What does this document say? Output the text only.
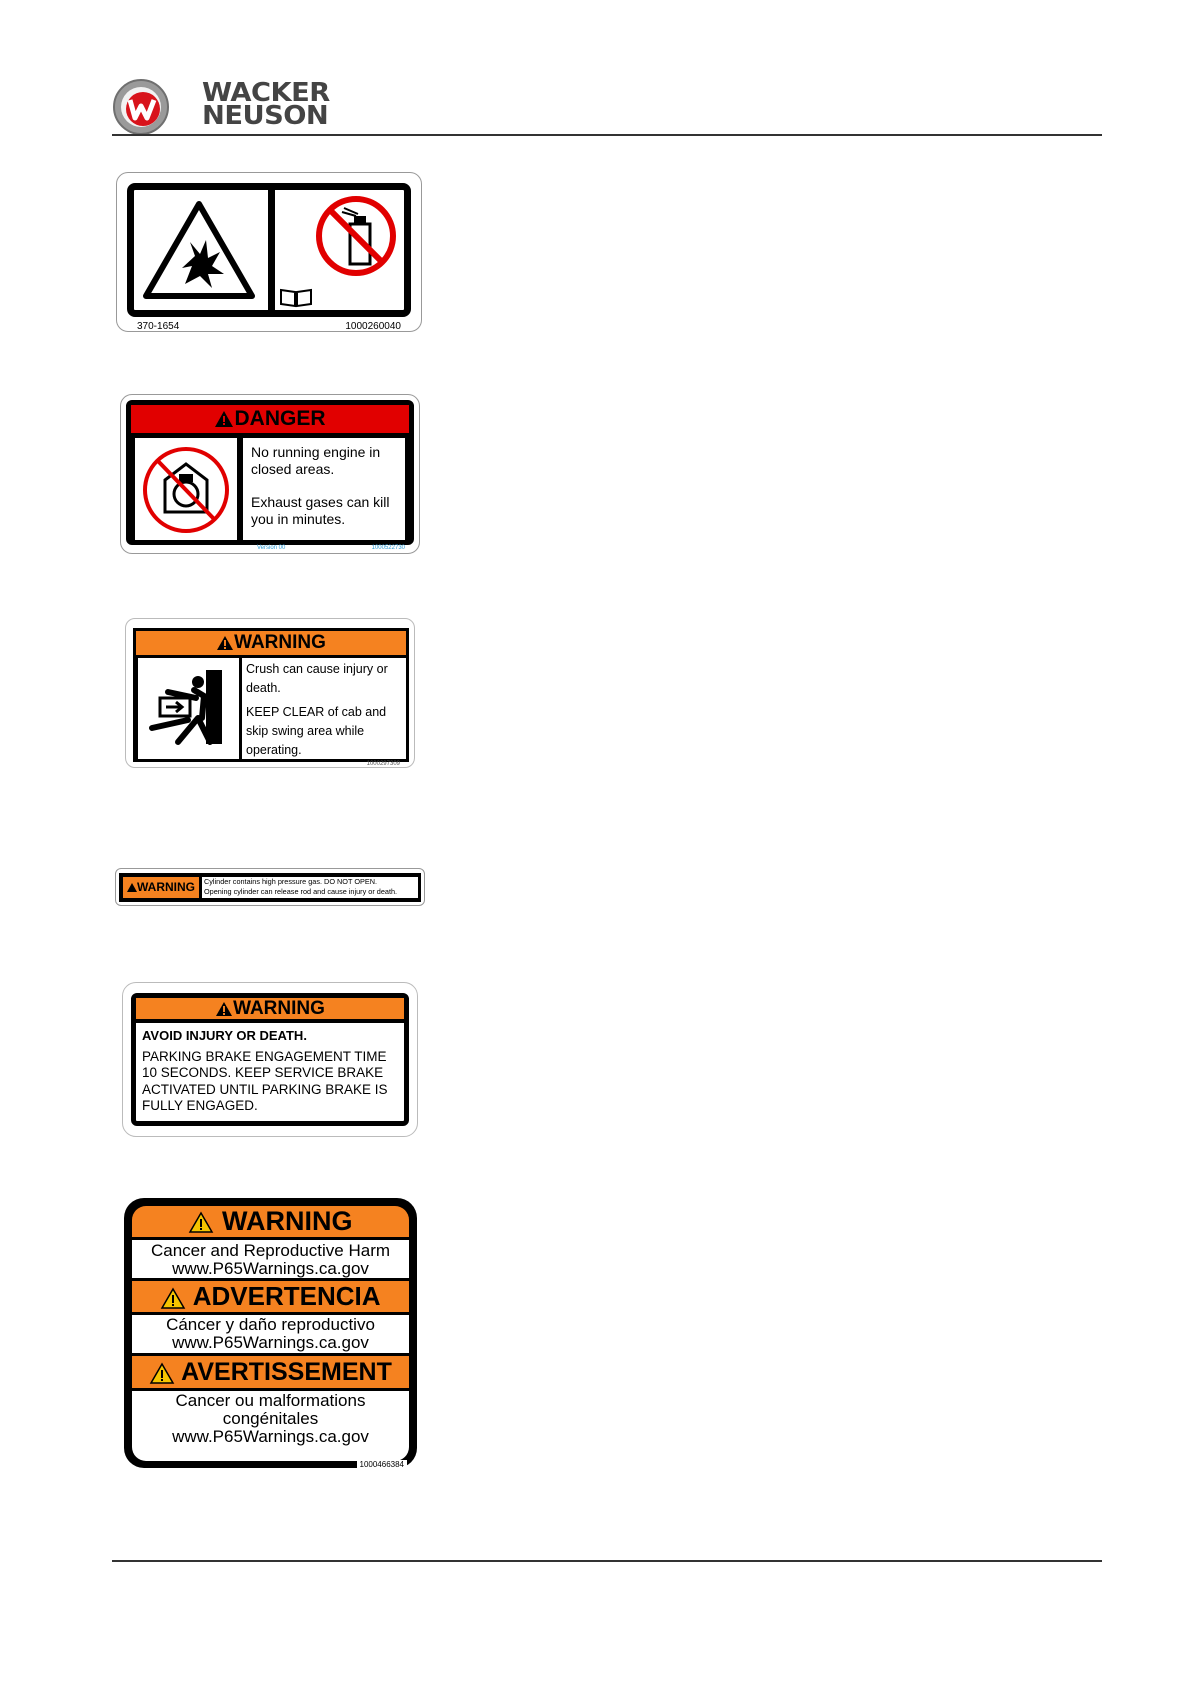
WACKER
NEUSON
370-1654	1000260040
DANGER

No running engine in closed areas.

Exhaust gases can kill you in minutes.

Version 00	1000522730
WARNING

Crush can cause injury or death.

KEEP CLEAR of cab and skip swing area while operating.

1000297309
WARNING	Cylinder contains high pressure gas. DO NOT OPEN.
Opening cylinder can release rod and cause injury or death.
WARNING
AVOID INJURY OR DEATH.
PARKING BRAKE ENGAGEMENT TIME 10 SECONDS. KEEP SERVICE BRAKE ACTIVATED UNTIL PARKING BRAKE IS FULLY ENGAGED.
WARNING
Cancer and Reproductive Harm
www.P65Warnings.ca.gov
ADVERTENCIA
Cáncer y daño reproductivo
www.P65Warnings.ca.gov
AVERTISSEMENT
Cancer ou malformations
congénitales
www.P65Warnings.ca.gov
1000466384
